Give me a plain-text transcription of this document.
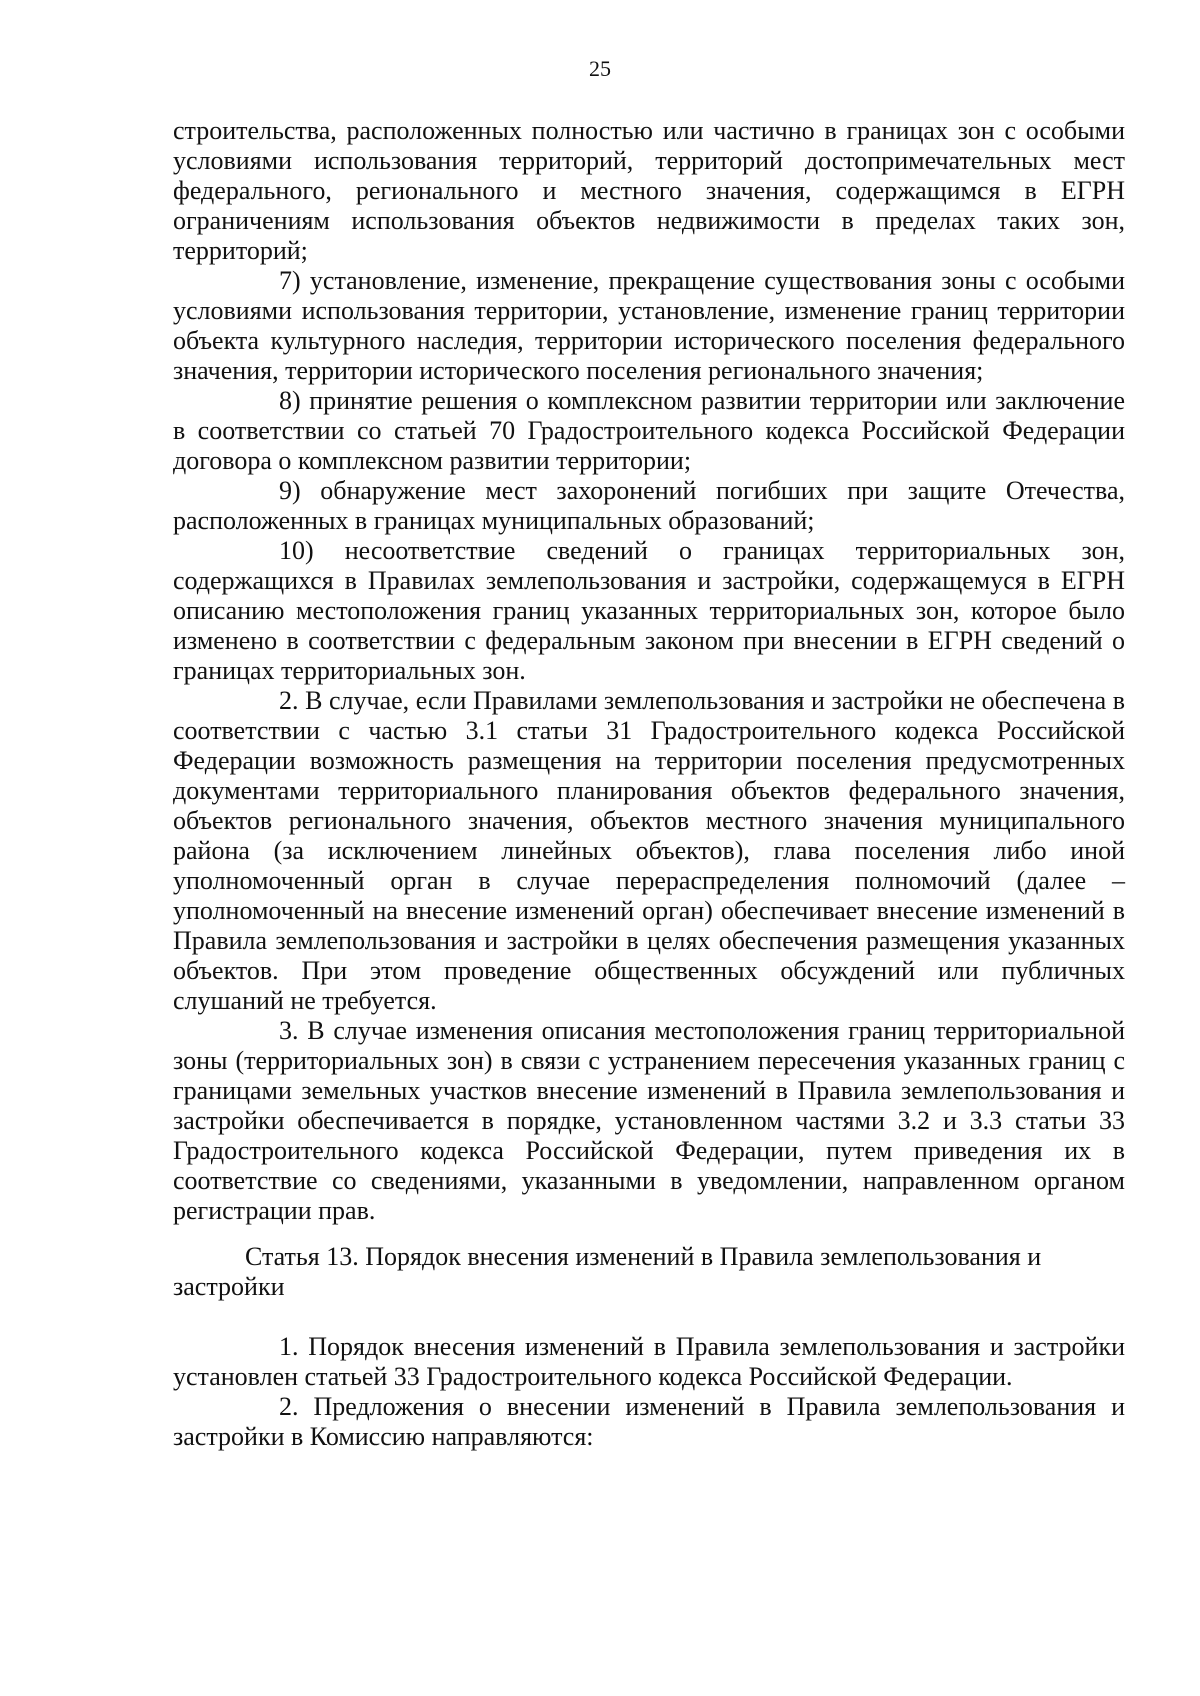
25

строительства, расположенных полностью или частично в границах зон с особыми условиями использования территорий, территорий достопримечательных мест федерального, регионального и местного значения, содержащимся в ЕГРН ограничениям использования объектов недвижимости в пределах таких зон, территорий;

7) установление, изменение, прекращение существования зоны с особыми условиями использования территории, установление, изменение границ территории объекта культурного наследия, территории исторического поселения федерального значения, территории исторического поселения регионального значения;

8) принятие решения о комплексном развитии территории или заключение в соответствии со статьей 70 Градостроительного кодекса Российской Федерации договора о комплексном развитии территории;

9) обнаружение мест захоронений погибших при защите Отечества, расположенных в границах муниципальных образований;

10) несоответствие сведений о границах территориальных зон, содержащихся в Правилах землепользования и застройки, содержащемуся в ЕГРН описанию местоположения границ указанных территориальных зон, которое было изменено в соответствии с федеральным законом при внесении в ЕГРН сведений о границах территориальных зон.

2. В случае, если Правилами землепользования и застройки не обеспечена в соответствии с частью 3.1 статьи 31 Градостроительного кодекса Российской Федерации возможность размещения на территории поселения предусмотренных документами территориального планирования объектов федерального значения, объектов регионального значения, объектов местного значения муниципального района (за исключением линейных объектов), глава поселения либо иной уполномоченный орган в случае перераспределения полномочий (далее – уполномоченный на внесение изменений орган) обеспечивает внесение изменений в Правила землепользования и застройки в целях обеспечения размещения указанных объектов. При этом проведение общественных обсуждений или публичных слушаний не требуется.

3. В случае изменения описания местоположения границ территориальной зоны (территориальных зон) в связи с устранением пересечения указанных границ с границами земельных участков внесение изменений в Правила землепользования и застройки обеспечивается в порядке, установленном частями 3.2 и 3.3 статьи 33 Градостроительного кодекса Российской Федерации, путем приведения их в соответствие со сведениями, указанными в уведомлении, направленном органом регистрации прав.

Статья 13. Порядок внесения изменений в Правила землепользования и застройки

1. Порядок внесения изменений в Правила землепользования и застройки установлен статьей 33 Градостроительного кодекса Российской Федерации.

2. Предложения о внесении изменений в Правила землепользования и застройки в Комиссию направляются:
